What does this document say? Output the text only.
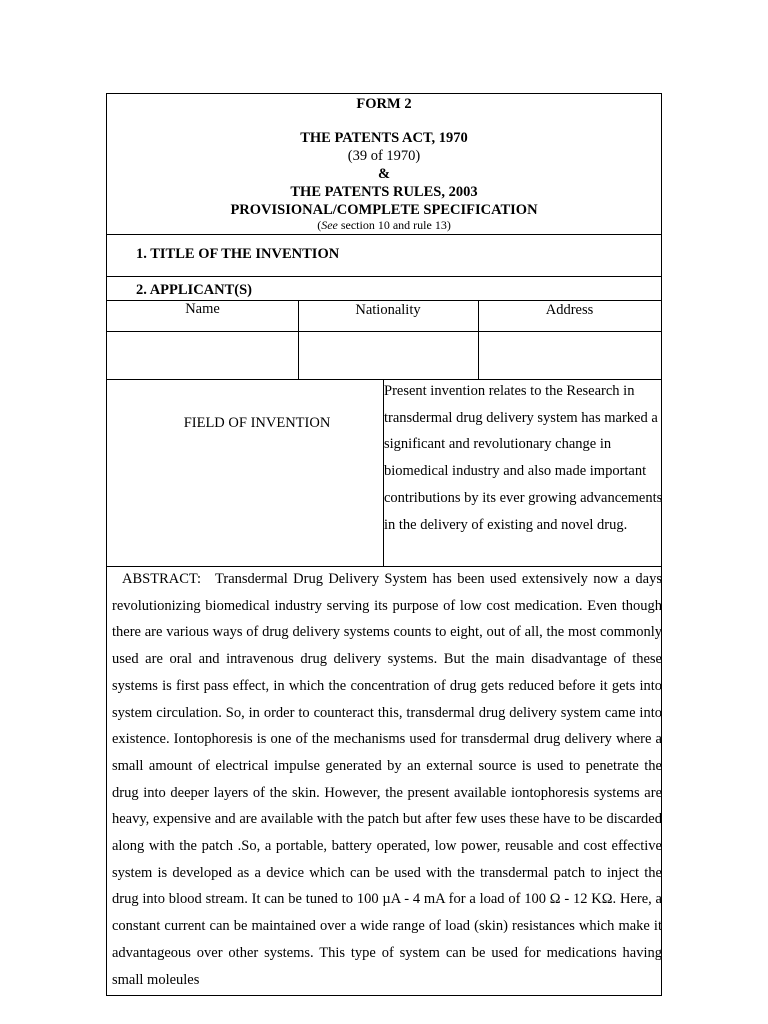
FORM 2
THE PATENTS ACT, 1970
(39 of 1970)
&
THE PATENTS RULES, 2003
PROVISIONAL/COMPLETE SPECIFICATION
(See section 10 and rule 13)
1. TITLE OF THE INVENTION
2. APPLICANT(S)
Name	Nationality	Address
FIELD OF INVENTION
Present invention relates to the Research in transdermal drug delivery system has marked a significant and revolutionary change in biomedical industry and also made important contributions by its ever growing advancements in the delivery of existing and novel drug.
ABSTRACT: Transdermal Drug Delivery System has been used extensively now a days revolutionizing biomedical industry serving its purpose of low cost medication. Even though there are various ways of drug delivery systems counts to eight, out of all, the most commonly used are oral and intravenous drug delivery systems. But the main disadvantage of these systems is first pass effect, in which the concentration of drug gets reduced before it gets into system circulation. So, in order to counteract this, transdermal drug delivery system came into existence. Iontophoresis is one of the mechanisms used for transdermal drug delivery where a small amount of electrical impulse generated by an external source is used to penetrate the drug into deeper layers of the skin. However, the present available iontophoresis systems are heavy, expensive and are available with the patch but after few uses these have to be discarded along with the patch .So, a portable, battery operated, low power, reusable and cost effective system is developed as a device which can be used with the transdermal patch to inject the drug into blood stream. It can be tuned to 100 µA - 4 mA for a load of 100 Ω - 12 KΩ. Here, a constant current can be maintained over a wide range of load (skin) resistances which make it advantageous over other systems. This type of system can be used for medications having small moleules
